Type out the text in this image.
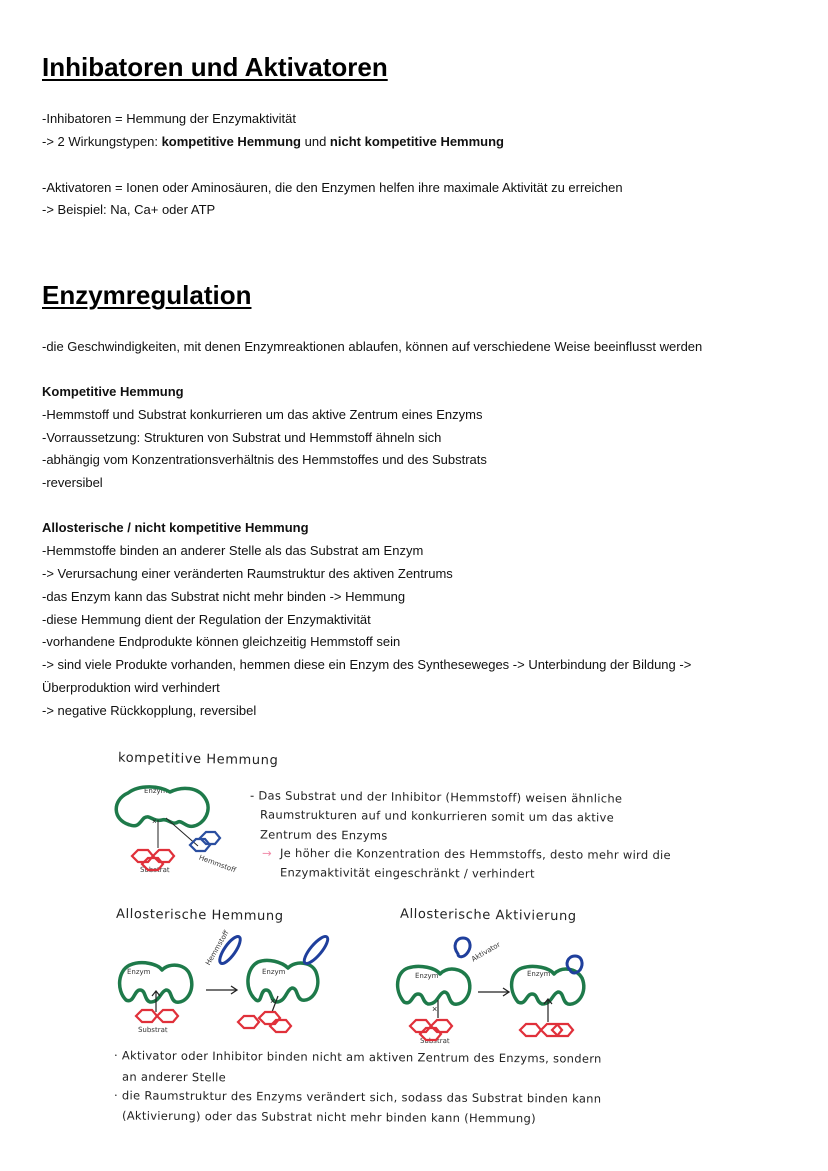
Inhibatoren und Aktivatoren
-Inhibatoren = Hemmung der Enzymaktivität
-> 2 Wirkungstypen: kompetitive Hemmung und nicht kompetitive Hemmung
-Aktivatoren = Ionen oder Aminosäuren, die den Enzymen helfen ihre maximale Aktivität zu erreichen
-> Beispiel: Na, Ca+ oder ATP
Enzymregulation
-die Geschwindigkeiten, mit denen Enzymreaktionen ablaufen, können auf verschiedene Weise beeinflusst werden
Kompetitive Hemmung
-Hemmstoff und Substrat konkurrieren um das aktive Zentrum eines Enzyms
-Vorraussetzung: Strukturen von Substrat und Hemmstoff ähneln sich
-abhängig vom Konzentrationsverhältnis des Hemmstoffes und des Substrats
-reversibel
Allosterische / nicht kompetitive Hemmung
-Hemmstoffe binden an anderer Stelle als das Substrat am Enzym
-> Verursachung einer veränderten Raumstruktur des aktiven Zentrums
-das Enzym kann das Substrat nicht mehr binden -> Hemmung
-diese Hemmung dient der Regulation der Enzymaktivität
-vorhandene Endprodukte können gleichzeitig Hemmstoff sein
-> sind viele Produkte vorhanden, hemmen diese ein Enzym des Syntheseweges -> Unterbindung der Bildung ->
Überproduktion wird verhindert
-> negative Rückkopplung, reversibel
kompetitive Hemmung
- Das Substrat und der Inhibitor (Hemmstoff) weisen ähnliche
Raumstrukturen auf und konkurrieren somit um das aktive
Zentrum des Enzyms
→ Je höher die Konzentration des Hemmstoffs, desto mehr wird die
Enzymaktivität eingeschränkt / verhindert
Allosterische Hemmung	Allosterische Aktivierung
Enzym
Substrat	Hemmstoff
Enzym
Substrat
Hemmstoff
Enzym	Enzym
Substrat
Aktivator
Enzym
· Aktivator oder Inhibitor binden nicht am aktiven Zentrum des Enzyms, sondern
an anderer Stelle
· die Raumstruktur des Enzyms verändert sich, sodass das Substrat binden kann
(Aktivierung) oder das Substrat nicht mehr binden kann (Hemmung)
×
×
×
